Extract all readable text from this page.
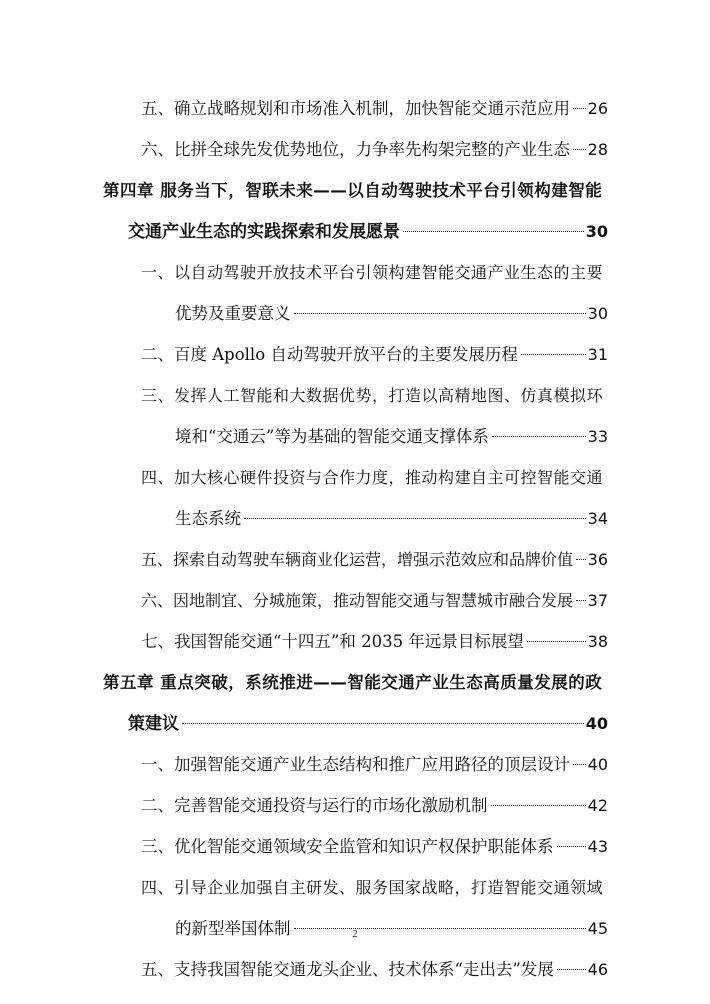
五、确立战略规划和市场准入机制，加快智能交通示范应用 26
六、比拼全球先发优势地位，力争率先构架完整的产业生态 28
第四章 服务当下，智联未来——以自动驾驶技术平台引领构建智能
交通产业生态的实践探索和发展愿景	30
一、以自动驾驶开放技术平台引领构建智能交通产业生态的主要
优势及重要意义	30
二、百度 Apollo 自动驾驶开放平台的主要发展历程	31
三、发挥人工智能和大数据优势，打造以高精地图、仿真模拟环
境和“交通云”等为基础的智能交通支撑体系	33
四、加大核心硬件投资与合作力度，推动构建自主可控智能交通
生态系统	34
五、探索自动驾驶车辆商业化运营，增强示范效应和品牌价值 36
六、因地制宜、分城施策，推动智能交通与智慧城市融合发展 37
七、我国智能交通“十四五”和 2035 年远景目标展望	38
第五章 重点突破，系统推进——智能交通产业生态高质量发展的政
策建议	40
一、加强智能交通产业生态结构和推广应用路径的顶层设计 40
二、完善智能交通投资与运行的市场化激励机制	42
三、优化智能交通领域安全监管和知识产权保护职能体系 43
四、引导企业加强自主研发、服务国家战略，打造智能交通领域
的新型举国体制	45
五、支持我国智能交通龙头企业、技术体系“走出去”发展 46
2
